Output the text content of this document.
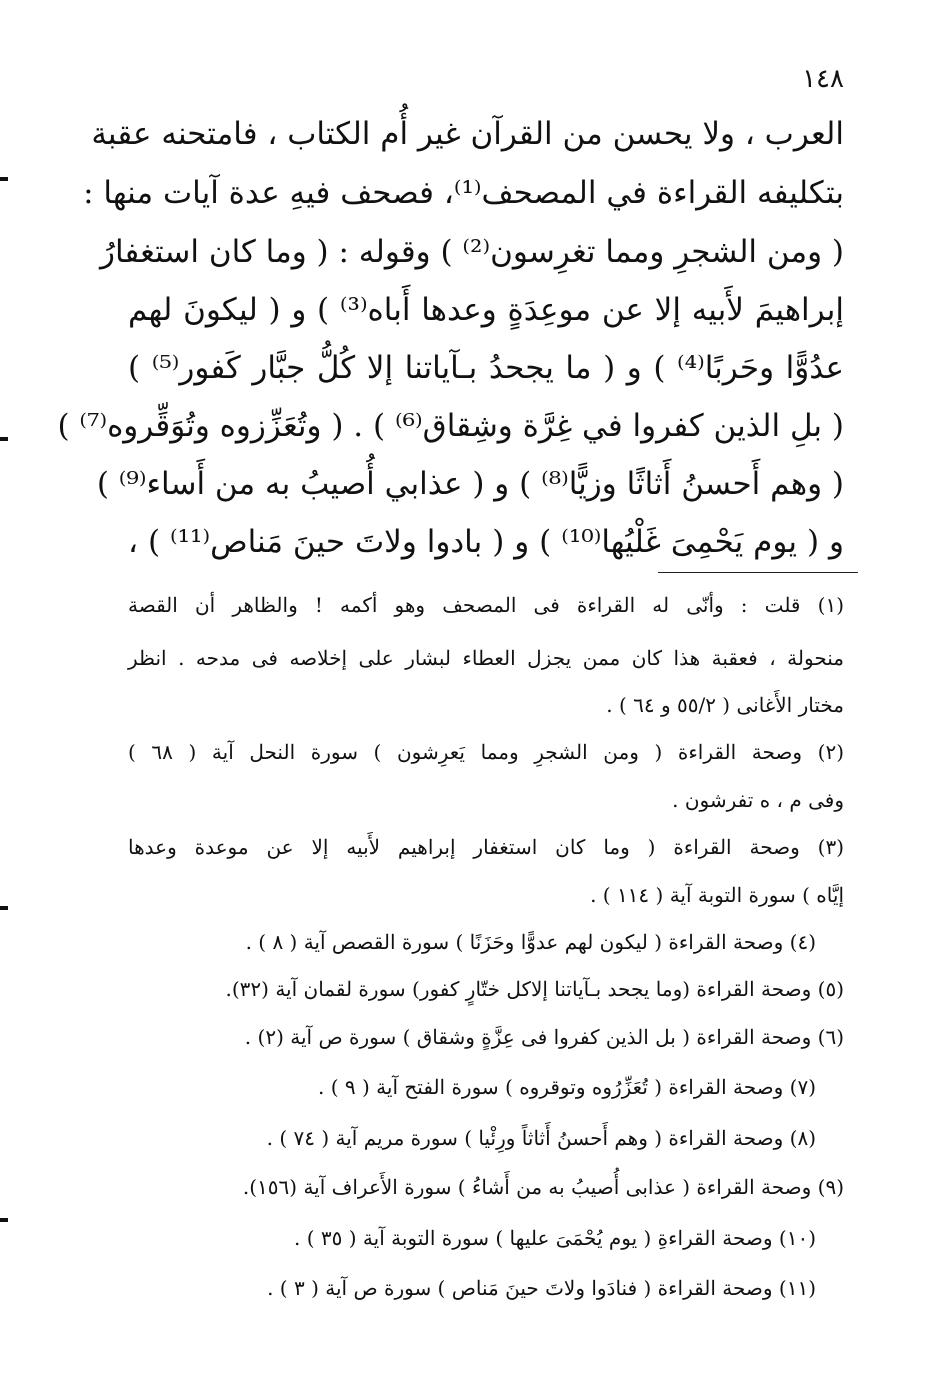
١٤٨
العرب ، ولا يحسن من القرآن غير أُم الكتاب ، فامتحنه عقبة
بتكليفه القراءة في المصحف⁽¹⁾، فصحف فيهِ عدة آيات منها :
( ومن الشجرِ ومما تغرِسون⁽²⁾ ) وقوله : ( وما كان استغفارُ
إبراهيمَ لأَبيه إلا عن موعِدَةٍ وعدها أَباه⁽³⁾ ) و ( ليكونَ لهم
عدُوًّا وحَربًا⁽⁴⁾ ) و ( ما يجحدُ بـآياتنا إلا كُلُّ جبَّار كَفور⁽⁵⁾ )
( بلِ الذين كفروا في غِرَّة وشِقاق⁽⁶⁾ ) . ( وتُعَزِّزوه وتُوَقِّروه⁽⁷⁾ )
( وهم أَحسنُ أَثاثًا وزيًّا⁽⁸⁾ ) و ( عذابي أُصيبُ به من أَساء⁽⁹⁾ )
و ( يوم يَحْمِىَ غَلْيُها⁽¹⁰⁾ ) و ( بادوا ولاتَ حينَ مَناص⁽¹¹⁾ ) ،
(١) قلت : وأنّى له القراءة فى المصحف وهو أكمه ! والظاهر أن القصة
منحولة ، فعقبة هذا كان ممن يجزل العطاء لبشار على إخلاصه فى مدحه . انظر
مختار الأَغانى ( ٥٥/٢ و ٦٤ ) .
(٢) وصحة القراءة ( ومن الشجرِ ومما يَعرِشون ) سورة النحل آية ( ٦٨ )
وفى م ، ه تفرشون .
(٣) وصحة القراءة ( وما كان استغفار إبراهيم لأَبيه إلا عن موعدة وعدها
إيَّاه ) سورة التوبة آية ( ١١٤ ) .
(٤) وصحة القراءة ( ليكون لهم عدوًّا وحَزَنًا ) سورة القصص آية ( ٨ ) .
(٥) وصحة القراءة (وما يجحد بـآياتنا إلاكل ختّارٍ كفور) سورة لقمان آية (٣٢).
(٦) وصحة القراءة ( بل الذين كفروا فى عِزَّةٍ وشقاق ) سورة ص آية (٢) .
(٧) وصحة القراءة ( تُعَزِّرُوه وتوقروه ) سورة الفتح آية ( ٩ ) .
(٨) وصحة القراءة ( وهم أَحسنُ أَثاثاً ورِئْيا ) سورة مريم آية ( ٧٤ ) .
(٩) وصحة القراءة ( عذابى أُصيبُ به من أَشاءُ ) سورة الأَعراف آية (١٥٦).
(١٠) وصحة القراءةِ ( يوم يُحْمَىَ عليها ) سورة التوبة آية ( ٣٥ ) .
(١١) وصحة القراءة ( فنادَوا ولاتَ حينَ مَناص ) سورة ص آية ( ٣ ) .
